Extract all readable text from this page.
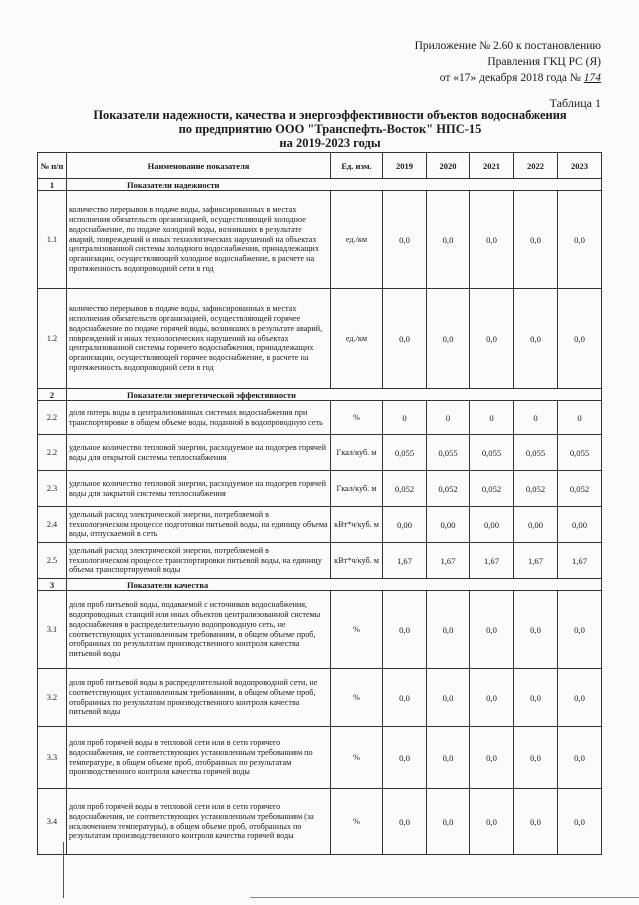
Приложение № 2.60 к постановлению
Правления ГКЦ РС (Я)
от «17» декабря 2018 года № 174
Таблица 1
Показатели надежности, качества и энергоэффективности объектов водоснабжения
по предприятию ООО "Транспефть-Восток" НПС-15
на 2019-2023 годы
№ п/п	Наименование показателя	Ед. изм.	2019	2020	2021	2022	2023
1	Показатели надежности						
1.1	количество перерывов в подаче воды, зафиксированных в местах исполнения обязательств организацией, осуществляющей холодное водоснабжение, по подаче холодной воды, возникших в результате аварий, повреждений и иных технологических нарушений на объектах централизованной системы холодного водоснабжения, принадлежащих организации, осуществляющей холодное водоснабжение, в расчете на протяженность водопроводной сети в год	ед./км	0,0	0,0	0,0	0,0	0,0
1.2	количество перерывов в подаче воды, зафиксированных в местах исполнения обязательств организацией, осуществляющей горячее водоснабжение по подаче горячей воды, возникших в результате аварий, повреждений и иных технологических нарушений на объектах централизованной системы горячего водоснабжения, принадлежащих организации, осуществляющей горячее водоснабжение, в расчете на протяженность водопроводной сети в год	ед./км	0,0	0,0	0,0	0,0	0,0
2	Показатели энергетической эффективности						
2.2	доля потерь воды в централизованных системах водоснабжения при транспортировке в общем объеме воды, поданной в водопроводную сеть	%	0	0	0	0	0
2.2	удельное количество тепловой энергии, расходуемое на подогрев горячей воды для открытой системы теплоснабжения	Гкал/куб. м	0,055	0,055	0,055	0,055	0,055
2.3	удельное количество тепловой энергии, расходуемое на подогрев горячей воды для закрытой системы теплоснабжения	Гкал/куб. м	0,052	0,052	0,052	0,052	0,052
2.4	удельный расход электрической энергии, потребляемой в технологическом процессе подготовки питьевой воды, на единицу объема воды, отпускаемой в сеть	кВт*ч/куб. м	0,00	0,00	0,00	0,00	0,00
2.5	удельный расход электрической энергии, потребляемой в технологическом процессе транспортировки питьевой воды, на единицу объема транспортируемой воды	кВт*ч/куб. м	1,67	1,67	1,67	1,67	1,67
3	Показатели качества						
3.1	доля проб питьевой воды, подаваемой с источников водоснабжения, водопроводных станций или иных объектов централизованной системы водоснабжения в распределительную водопроводную сеть, не соответствующих установленным требованиям, в общем объеме проб, отобранных по результатам производственного контроля качества питьевой воды	%	0,0	0,0	0,0	0,0	0,0
3.2	доля проб питьевой воды в распределительной водопроводной сети, не соответствующих установленным требованиям, в общем объеме проб, отобранных по результатам производственного контроля качества питьевой воды	%	0,0	0,0	0,0	0,0	0,0
3.3	доля проб горячей воды в тепловой сети или в сети горячего водоснабжения, не соответствующих установленным требованиям по температуре, в общем объеме проб, отобранных по результатам производственного контроля качества горячей воды	%	0,0	0,0	0,0	0,0	0,0
3.4	доля проб горячей воды в тепловой сети или в сети горячего водоснабжения, не соответствующих установленным требованиям (за исключением температуры), в общем объеме проб, отобранных по результатам производственного контроля качества горячей воды	%	0,0	0,0	0,0	0,0	0,0
